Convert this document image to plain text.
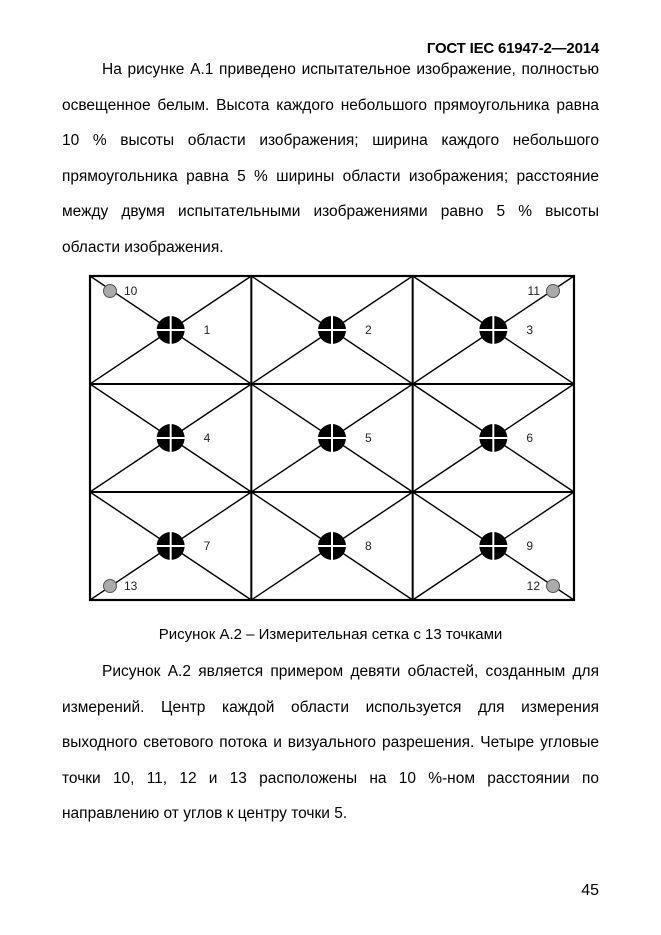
ГОСТ IEC 61947-2—2014

На рисунке А.1 приведено испытательное изображение, полностью освещенное белым. Высота каждого небольшого прямоугольника равна 10 % высоты области изображения; ширина каждого небольшого прямоугольника равна 5 % ширины области изображения; расстояние между двумя испытательными изображениями равно 5 % высоты области изображения.

1	2	3
4	5	6
7	8	9
10	11
12
13

Рисунок А.2 – Измерительная сетка с 13 точками

Рисунок А.2 является примером девяти областей, созданным для измерений. Центр каждой области используется для измерения выходного светового потока и визуального разрешения. Четыре угловые точки 10, 11, 12 и 13 расположены на 10 %-ном расстоянии по направлению от углов к центру точки 5.

45
